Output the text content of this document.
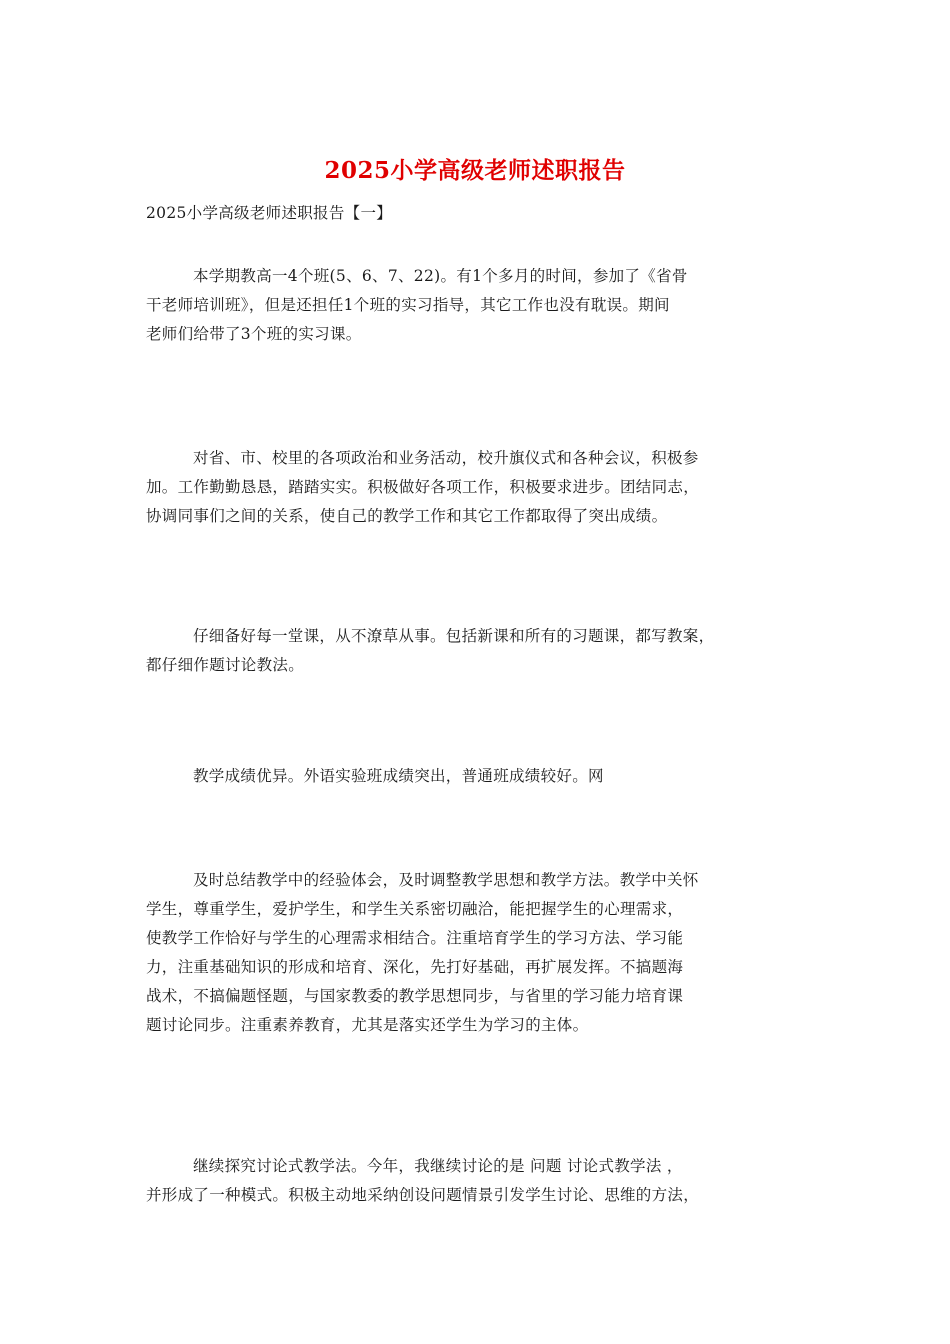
2025小学高级老师述职报告
2025小学高级老师述职报告【一】
本学期教高一4个班(5、6、7、22)。有1个多月的时间，参加了《省骨
干老师培训班》，但是还担任1个班的实习指导，其它工作也没有耽误。期间
老师们给带了3个班的实习课。
对省、市、校里的各项政治和业务活动，校升旗仪式和各种会议，积极参
加。工作勤勤恳恳，踏踏实实。积极做好各项工作，积极要求进步。团结同志，
协调同事们之间的关系，使自己的教学工作和其它工作都取得了突出成绩。
仔细备好每一堂课，从不潦草从事。包括新课和所有的习题课，都写教案，
都仔细作题讨论教法。
教学成绩优异。外语实验班成绩突出，普通班成绩较好。网
及时总结教学中的经验体会，及时调整教学思想和教学方法。教学中关怀
学生，尊重学生，爱护学生，和学生关系密切融洽，能把握学生的心理需求，
使教学工作恰好与学生的心理需求相结合。注重培育学生的学习方法、学习能
力，注重基础知识的形成和培育、深化，先打好基础，再扩展发挥。不搞题海
战术，不搞偏题怪题，与国家教委的教学思想同步，与省里的学习能力培育课
题讨论同步。注重素养教育，尤其是落实还学生为学习的主体。
继续探究讨论式教学法。今年，我继续讨论的是 问题 讨论式教学法 ，
并形成了一种模式。积极主动地采纳创设问题情景引发学生讨论、思维的方法，
